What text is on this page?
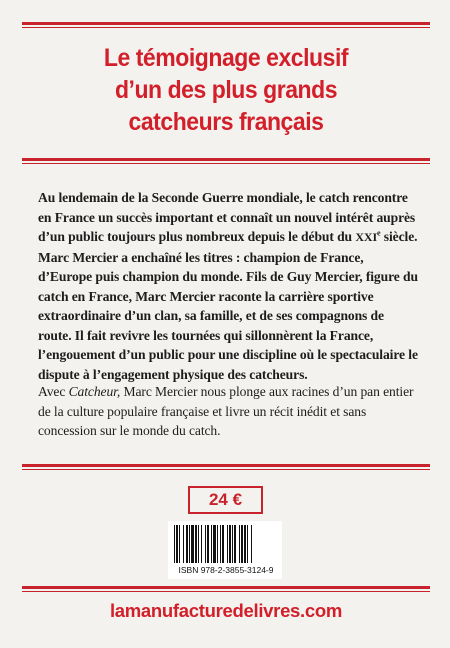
Le témoignage exclusif
d’un des plus grands
catcheurs français
Au lendemain de la Seconde Guerre mondiale, le catch rencontre en France un succès important et connaît un nouvel intérêt auprès d’un public toujours plus nombreux depuis le début du XXIe siècle. Marc Mercier a enchaîné les titres : champion de France, d’Europe puis champion du monde. Fils de Guy Mercier, figure du catch en France, Marc Mercier raconte la carrière sportive extraordinaire d’un clan, sa famille, et de ses compagnons de route. Il fait revivre les tournées qui sillonnèrent la France, l’engouement d’un public pour une discipline où le spectaculaire le dispute à l’engagement physique des catcheurs.
Avec Catcheur, Marc Mercier nous plonge aux racines d’un pan entier de la culture populaire française et livre un récit inédit et sans concession sur le monde du catch.
24 €
ISBN 978-2-3855-3124-9
lamanufacturedelivres.com
